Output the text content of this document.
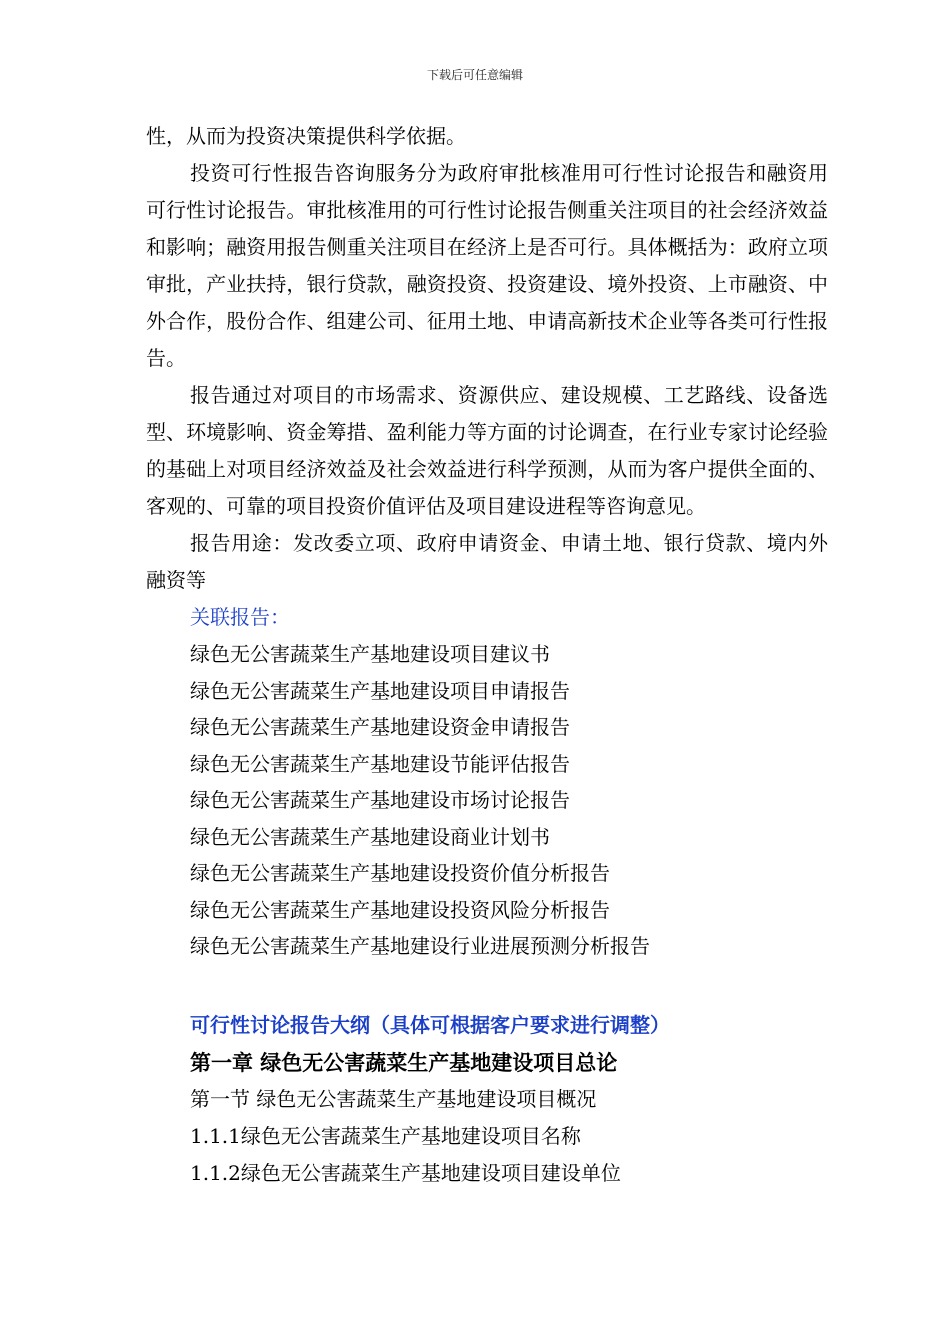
下载后可任意编辑

性，从而为投资决策提供科学依据。

投资可行性报告咨询服务分为政府审批核准用可行性讨论报告和融资用可行性讨论报告。审批核准用的可行性讨论报告侧重关注项目的社会经济效益和影响；融资用报告侧重关注项目在经济上是否可行。具体概括为：政府立项审批，产业扶持，银行贷款，融资投资、投资建设、境外投资、上市融资、中外合作，股份合作、组建公司、征用土地、申请高新技术企业等各类可行性报告。

报告通过对项目的市场需求、资源供应、建设规模、工艺路线、设备选型、环境影响、资金筹措、盈利能力等方面的讨论调查，在行业专家讨论经验的基础上对项目经济效益及社会效益进行科学预测，从而为客户提供全面的、客观的、可靠的项目投资价值评估及项目建设进程等咨询意见。

报告用途：发改委立项、政府申请资金、申请土地、银行贷款、境内外融资等

关联报告：
绿色无公害蔬菜生产基地建设项目建议书
绿色无公害蔬菜生产基地建设项目申请报告
绿色无公害蔬菜生产基地建设资金申请报告
绿色无公害蔬菜生产基地建设节能评估报告
绿色无公害蔬菜生产基地建设市场讨论报告
绿色无公害蔬菜生产基地建设商业计划书
绿色无公害蔬菜生产基地建设投资价值分析报告
绿色无公害蔬菜生产基地建设投资风险分析报告
绿色无公害蔬菜生产基地建设行业进展预测分析报告
可行性讨论报告大纲（具体可根据客户要求进行调整）
第一章 绿色无公害蔬菜生产基地建设项目总论
第一节 绿色无公害蔬菜生产基地建设项目概况
1.1.1绿色无公害蔬菜生产基地建设项目名称
1.1.2绿色无公害蔬菜生产基地建设项目建设单位
